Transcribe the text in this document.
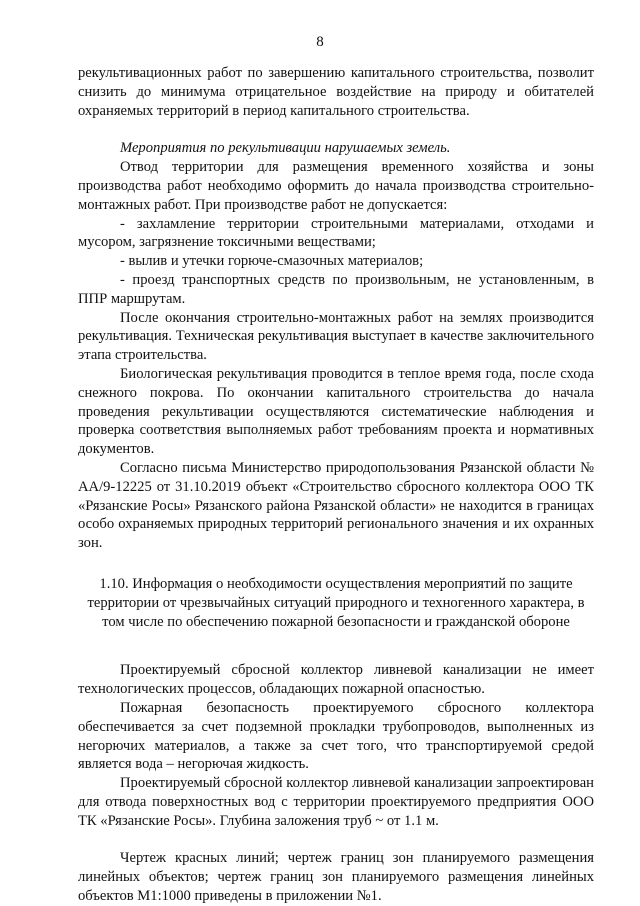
8

рекультивационных работ по завершению капитального строительства, позволит снизить до минимума отрицательное воздействие на природу и обитателей охраняемых территорий в период капитального строительства.

Мероприятия по рекультивации нарушаемых земель.

Отвод территории для размещения временного хозяйства и зоны производства работ необходимо оформить до начала производства строительно-монтажных работ. При производстве работ не допускается:

- захламление территории строительными материалами, отходами и мусором, загрязнение токсичными веществами;

- вылив и утечки горюче-смазочных материалов;

- проезд транспортных средств по произвольным, не установленным, в ППР маршрутам.

После окончания строительно-монтажных работ на землях производится рекультивация. Техническая рекультивация выступает в качестве заключительного этапа строительства.

Биологическая рекультивация проводится в теплое время года, после схода снежного покрова. По окончании капитального строительства до начала проведения рекультивации осуществляются систематические наблюдения и проверка соответствия выполняемых работ требованиям проекта и нормативных документов.

Согласно письма Министерство природопользования Рязанской области № АА/9-12225 от 31.10.2019 объект «Строительство сбросного коллектора ООО ТК «Рязанские Росы» Рязанского района Рязанской области» не находится в границах особо охраняемых природных территорий регионального значения и их охранных зон.

1.10. Информация о необходимости осуществления мероприятий по защите территории от чрезвычайных ситуаций природного и техногенного характера, в том числе по обеспечению пожарной безопасности и гражданской обороне

Проектируемый сбросной коллектор ливневой канализации не имеет технологических процессов, обладающих пожарной опасностью.

Пожарная безопасность проектируемого сбросного коллектора обеспечивается за счет подземной прокладки трубопроводов, выполненных из негорючих материалов, а также за счет того, что транспортируемой средой является вода – негорючая жидкость.

Проектируемый сбросной коллектор ливневой канализации запроектирован для отвода поверхностных вод с территории проектируемого предприятия ООО ТК «Рязанские Росы». Глубина заложения труб ~ от 1.1 м.

Чертеж красных линий; чертеж границ зон планируемого размещения линейных объектов; чертеж границ зон планируемого размещения линейных объектов М1:1000 приведены в приложении №1.
